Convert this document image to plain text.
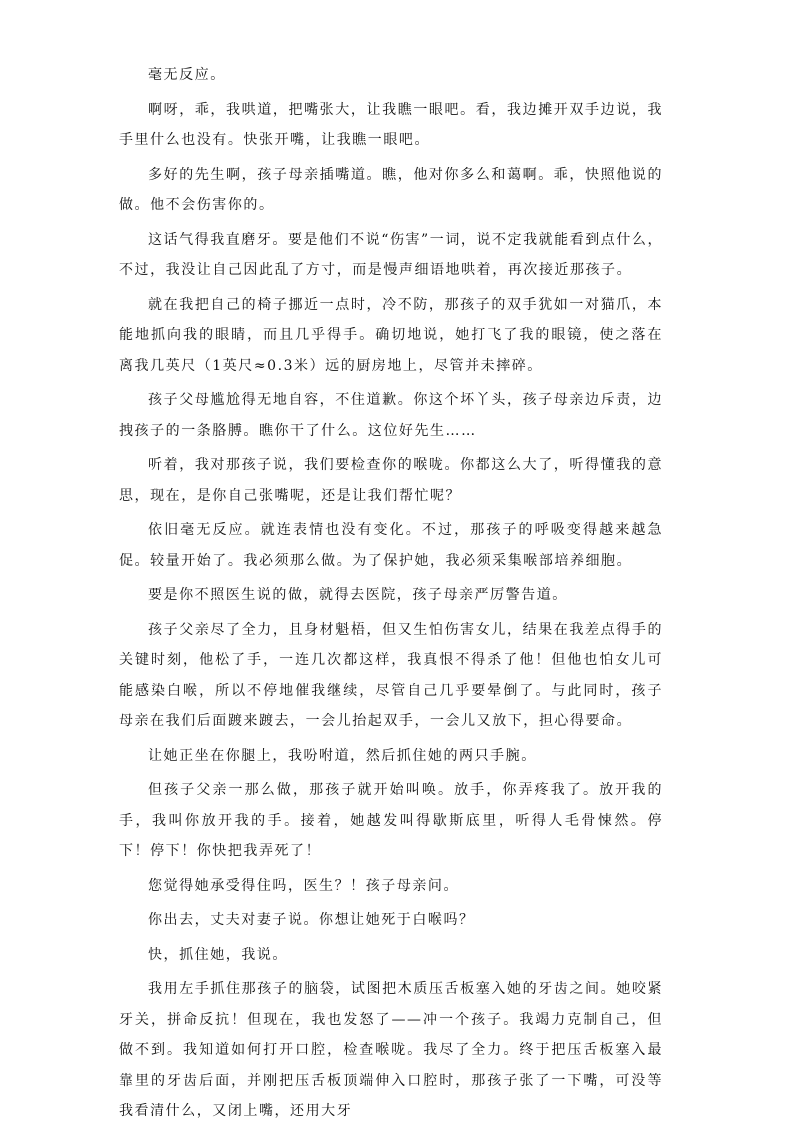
毫无反应。

啊呀，乖，我哄道，把嘴张大，让我瞧一眼吧。看，我边摊开双手边说，我手里什么也没有。快张开嘴，让我瞧一眼吧。

多好的先生啊，孩子母亲插嘴道。瞧，他对你多么和蔼啊。乖，快照他说的做。他不会伤害你的。

这话气得我直磨牙。要是他们不说“伤害”一词，说不定我就能看到点什么，不过，我没让自己因此乱了方寸，而是慢声细语地哄着，再次接近那孩子。

就在我把自己的椅子挪近一点时，冷不防，那孩子的双手犹如一对猫爪，本能地抓向我的眼睛，而且几乎得手。确切地说，她打飞了我的眼镜，使之落在离我几英尺（1英尺≈0.3米）远的厨房地上，尽管并未摔碎。

孩子父母尴尬得无地自容，不住道歉。你这个坏丫头，孩子母亲边斥责，边拽孩子的一条胳膊。瞧你干了什么。这位好先生……

听着，我对那孩子说，我们要检查你的喉咙。你都这么大了，听得懂我的意思，现在，是你自己张嘴呢，还是让我们帮忙呢？

依旧毫无反应。就连表情也没有变化。不过，那孩子的呼吸变得越来越急促。较量开始了。我必须那么做。为了保护她，我必须采集喉部培养细胞。

要是你不照医生说的做，就得去医院，孩子母亲严厉警告道。

孩子父亲尽了全力，且身材魁梧，但又生怕伤害女儿，结果在我差点得手的关键时刻，他松了手，一连几次都这样，我真恨不得杀了他！但他也怕女儿可能感染白喉，所以不停地催我继续，尽管自己几乎要晕倒了。与此同时，孩子母亲在我们后面踱来踱去，一会儿抬起双手，一会儿又放下，担心得要命。

让她正坐在你腿上，我吩咐道，然后抓住她的两只手腕。

但孩子父亲一那么做，那孩子就开始叫唤。放手，你弄疼我了。放开我的手，我叫你放开我的手。接着，她越发叫得歇斯底里，听得人毛骨悚然。停下！停下！你快把我弄死了！

您觉得她承受得住吗，医生？！孩子母亲问。

你出去，丈夫对妻子说。你想让她死于白喉吗？

快，抓住她，我说。

我用左手抓住那孩子的脑袋，试图把木质压舌板塞入她的牙齿之间。她咬紧牙关，拼命反抗！但现在，我也发怒了——冲一个孩子。我竭力克制自己，但做不到。我知道如何打开口腔，检查喉咙。我尽了全力。终于把压舌板塞入最靠里的牙齿后面，并刚把压舌板顶端伸入口腔时，那孩子张了一下嘴，可没等我看清什么，又闭上嘴，还用大牙
